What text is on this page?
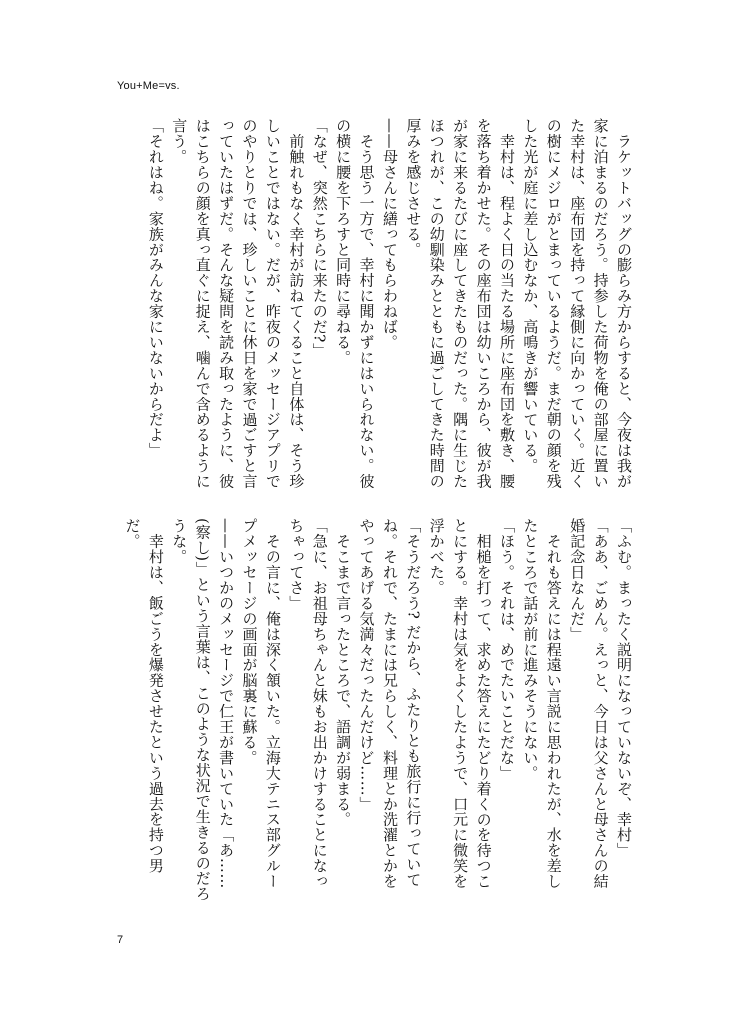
You+Me=vs.

　ラケットバッグの膨らみ方からすると、今夜は我が家に泊まるのだろう。持参した荷物を俺の部屋に置いた幸村は、座布団を持って縁側に向かっていく。近くの樹にメジロがとまっているようだ。まだ朝の顔を残した光が庭に差し込むなか、高鳴きが響いている。

　幸村は、程よく日の当たる場所に座布団を敷き、腰を落ち着かせた。その座布団は幼いころから、彼が我が家に来るたびに座してきたものだった。隅に生じたほつれが、この幼馴染みとともに過ごしてきた時間の厚みを感じさせる。

——母さんに繕ってもらわねば。

　そう思う一方で、幸村に聞かずにはいられない。彼の横に腰を下ろすと同時に尋ねる。

「なぜ、突然こちらに来たのだ?」

　前触れもなく幸村が訪ねてくること自体は、そう珍しいことではない。だが、昨夜のメッセージアプリでのやりとりでは、珍しいことに休日を家で過ごすと言っていたはずだ。そんな疑問を読み取ったように、彼はこちらの顔を真っ直ぐに捉え、噛んで含めるように言う。

「それはね。家族がみんな家にいないからだよ」

「ふむ。まったく説明になっていないぞ、幸村」

「ああ、ごめん。えっと、今日は父さんと母さんの結婚記念日なんだ」

　それも答えには程遠い言説に思われたが、水を差したところで話が前に進みそうにない。

「ほう。それは、めでたいことだな」

　相槌を打って、求めた答えにたどり着くのを待つことにする。幸村は気をよくしたようで、口元に微笑を浮かべた。

「そうだろう? だから、ふたりとも旅行に行っていてね。それで、たまには兄らしく、料理とか洗濯とかをやってあげる気満々だったんだけど……」

　そこまで言ったところで、語調が弱まる。

「急に、お祖母ちゃんと妹もお出かけすることになっちゃってさ」

　その言に、俺は深く頷いた。立海大テニス部グループメッセージの画面が脳裏に蘇る。

——いつかのメッセージで仁王が書いていた「あ……(察し)」という言葉は、このような状況で生きるのだろうな。

　幸村は、飯ごうを爆発させたという過去を持つ男だ。

7
